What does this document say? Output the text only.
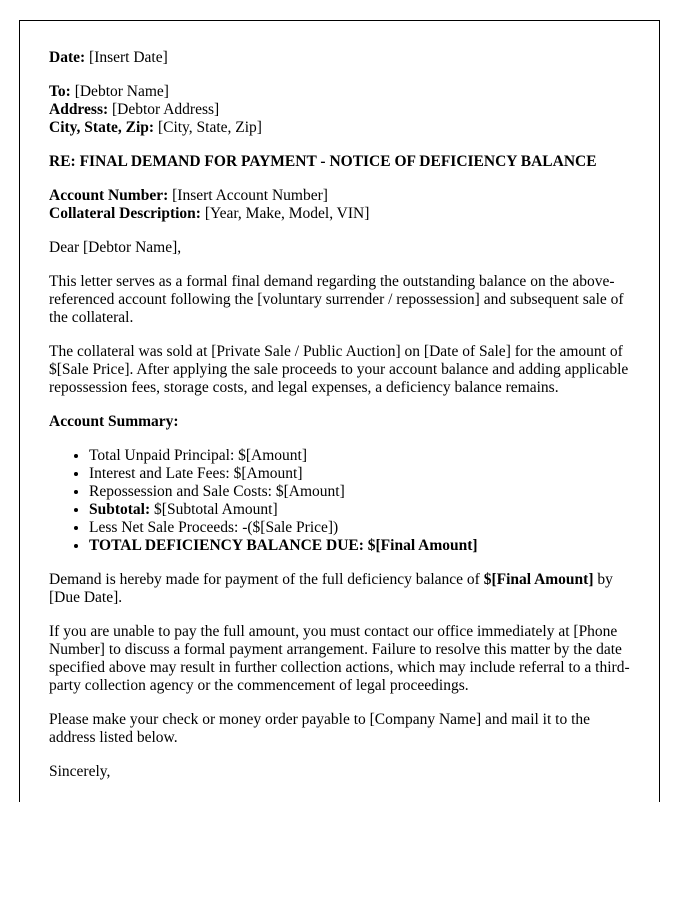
Date: [Insert Date]
To: [Debtor Name]
Address: [Debtor Address]
City, State, Zip: [City, State, Zip]
RE: FINAL DEMAND FOR PAYMENT - NOTICE OF DEFICIENCY BALANCE
Account Number: [Insert Account Number]
Collateral Description: [Year, Make, Model, VIN]

Dear [Debtor Name],

This letter serves as a formal final demand regarding the outstanding balance on the above-referenced account following the [voluntary surrender / repossession] and subsequent sale of the collateral.

The collateral was sold at [Private Sale / Public Auction] on [Date of Sale] for the amount of $[Sale Price]. After applying the sale proceeds to your account balance and adding applicable repossession fees, storage costs, and legal expenses, a deficiency balance remains.

Account Summary:
• Total Unpaid Principal: $[Amount]
• Interest and Late Fees: $[Amount]
• Repossession and Sale Costs: $[Amount]
• Subtotal: $[Subtotal Amount]
• Less Net Sale Proceeds: -($[Sale Price])
• TOTAL DEFICIENCY BALANCE DUE: $[Final Amount]

Demand is hereby made for payment of the full deficiency balance of $[Final Amount] by [Due Date].

If you are unable to pay the full amount, you must contact our office immediately at [Phone Number] to discuss a formal payment arrangement. Failure to resolve this matter by the date specified above may result in further collection actions, which may include referral to a third-party collection agency or the commencement of legal proceedings.

Please make your check or money order payable to [Company Name] and mail it to the address listed below.

Sincerely,
